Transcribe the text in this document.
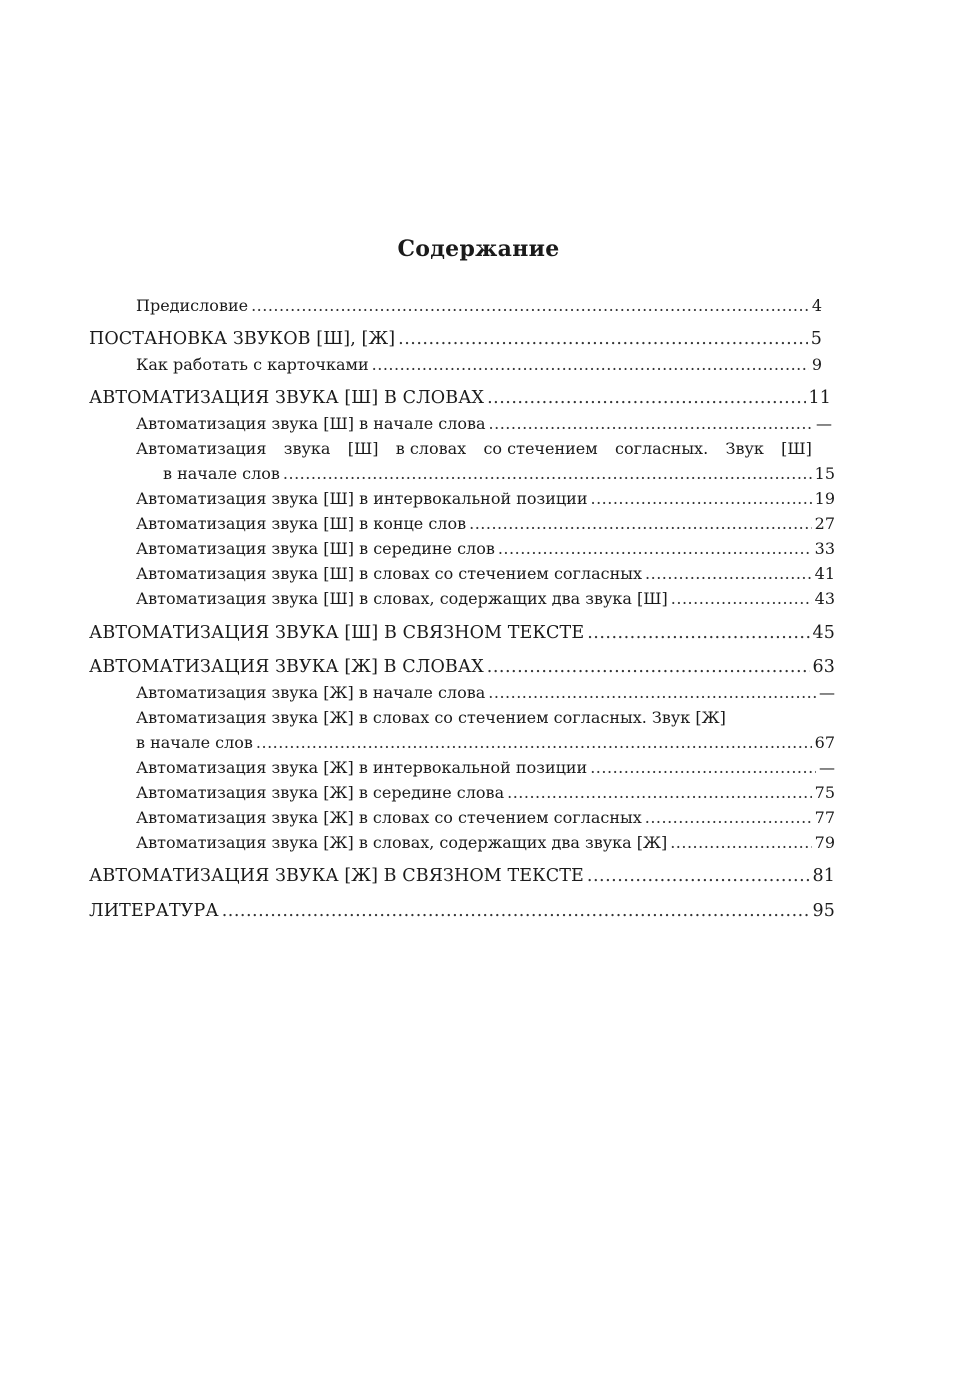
Содержание
Предисловие .....	4
ПОСТАНОВКА ЗВУКОВ [Ш], [Ж] .....	5
Как работать с карточками .....	9
АВТОМАТИЗАЦИЯ ЗВУКА [Ш] В СЛОВАХ .....	11
Автоматизация звука [Ш] в начале слова .....	—
Автоматизация звука [Ш] в словах со стечением согласных. Звук [Ш]
в начале слов .....	15
Автоматизация звука [Ш] в интервокальной позиции .....	19
Автоматизация звука [Ш] в конце слов .....	27
Автоматизация звука [Ш] в середине слов .....	33
Автоматизация звука [Ш] в словах со стечением согласных .....	41
Автоматизация звука [Ш] в словах, содержащих два звука [Ш] .....	43
АВТОМАТИЗАЦИЯ ЗВУКА [Ш] В СВЯЗНОМ ТЕКСТЕ .....	45
АВТОМАТИЗАЦИЯ ЗВУКА [Ж] В СЛОВАХ .....	63
Автоматизация звука [Ж] в начале слова .....	—
Автоматизация звука [Ж] в словах со стечением согласных. Звук [Ж]
в начале слов .....	67
Автоматизация звука [Ж] в интервокальной позиции .....	—
Автоматизация звука [Ж] в середине слова .....	75
Автоматизация звука [Ж] в словах со стечением согласных .....	77
Автоматизация звука [Ж] в словах, содержащих два звука [Ж] .....	79
АВТОМАТИЗАЦИЯ ЗВУКА [Ж] В СВЯЗНОМ ТЕКСТЕ .....	81
ЛИТЕРАТУРА .....	95
